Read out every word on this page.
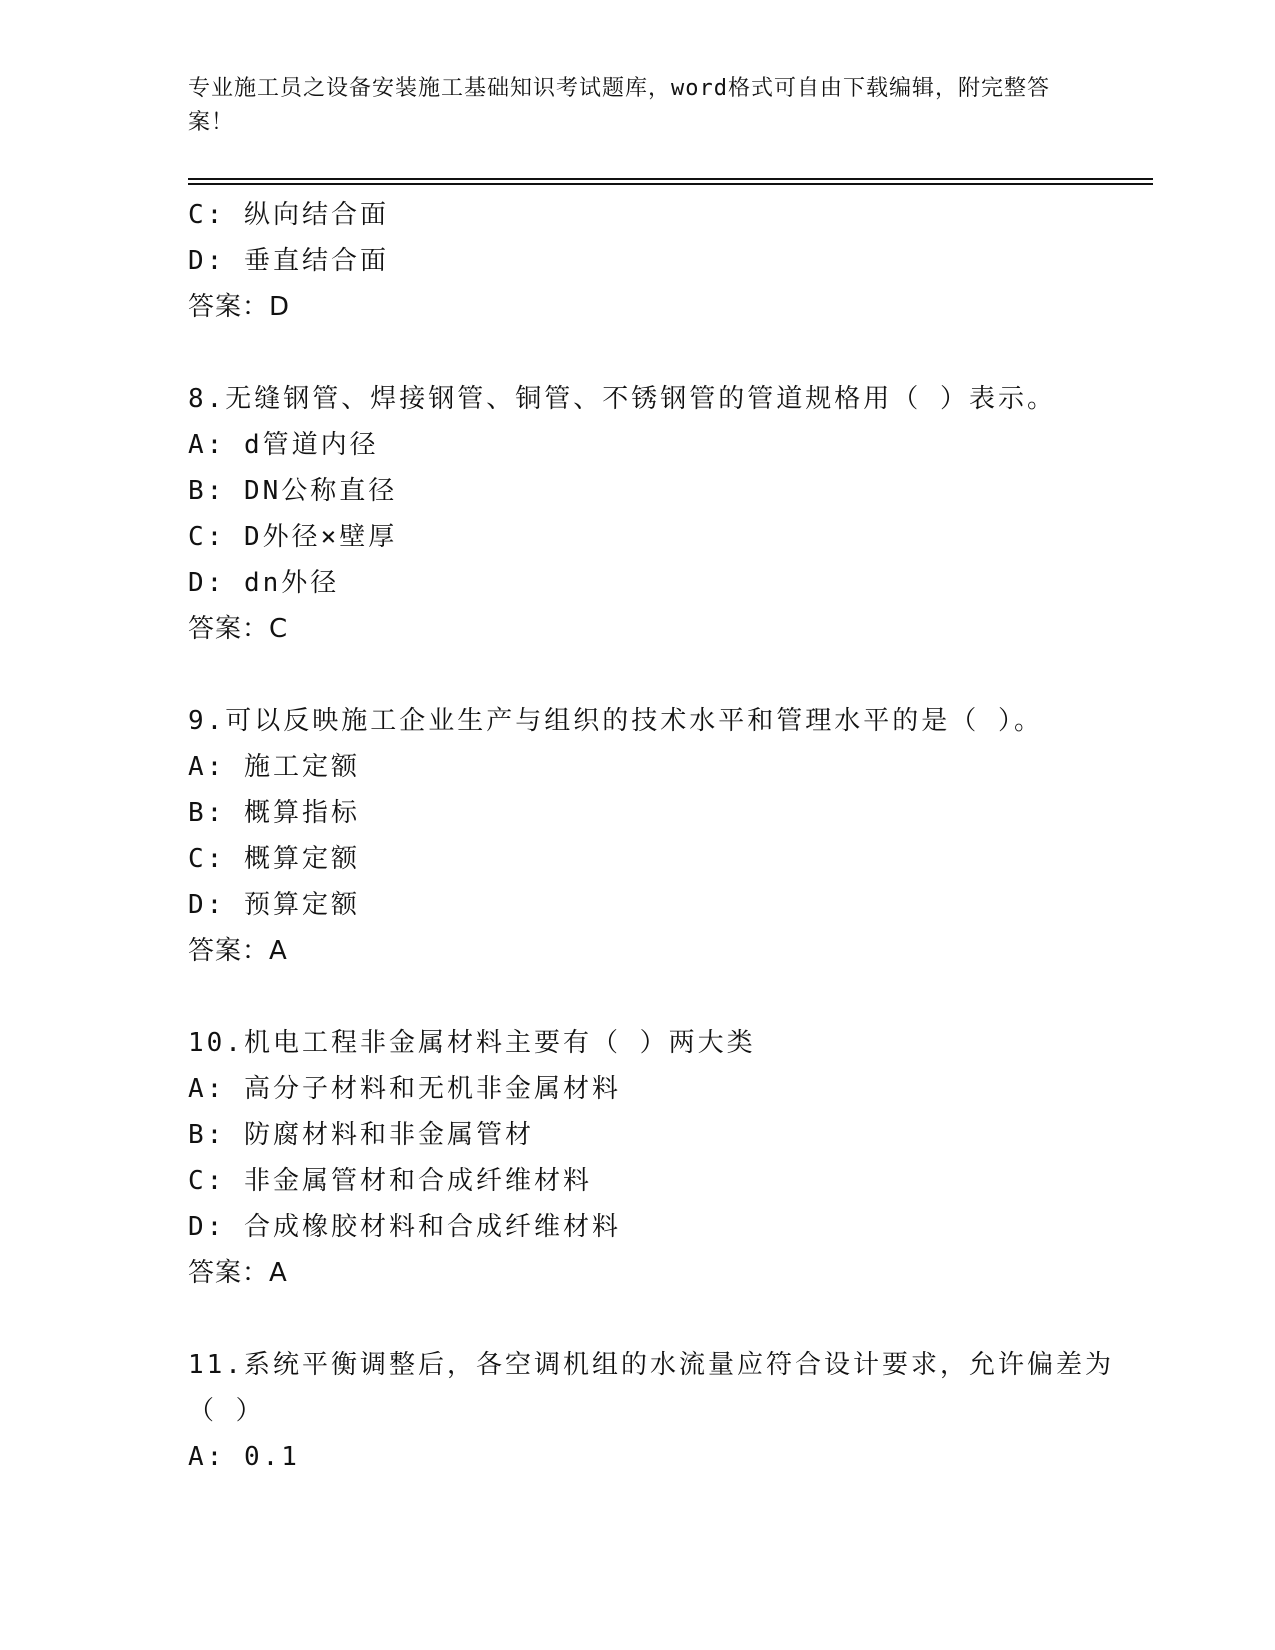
专业施工员之设备安装施工基础知识考试题库，word格式可自由下载编辑，附完整答案！
C: 纵向结合面
D: 垂直结合面
答案：D
8.无缝钢管、焊接钢管、铜管、不锈钢管的管道规格用（ ）表示。
A: d管道内径
B: DN公称直径
C: D外径×壁厚
D: dn外径
答案：C
9.可以反映施工企业生产与组织的技术水平和管理水平的是（ ）。
A: 施工定额
B: 概算指标
C: 概算定额
D: 预算定额
答案：A
10.机电工程非金属材料主要有（ ）两大类
A: 高分子材料和无机非金属材料
B: 防腐材料和非金属管材
C: 非金属管材和合成纤维材料
D: 合成橡胶材料和合成纤维材料
答案：A
11.系统平衡调整后，各空调机组的水流量应符合设计要求，允许偏差为（ ）
A: 0.1
